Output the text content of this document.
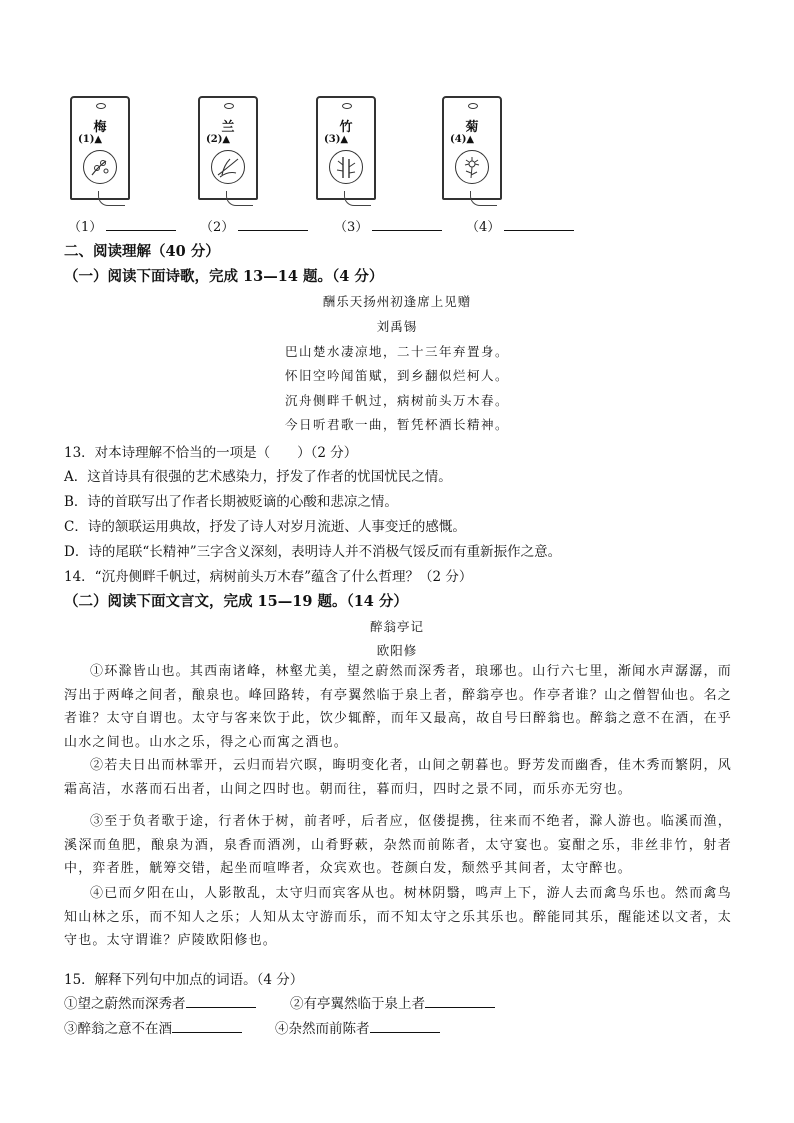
梅
(1)▲
兰
(2)▲
竹
(3)▲
菊
(4)▲
（1）	（2）	（3）	（4）
二、阅读理解（40 分）
（一）阅读下面诗歌，完成 13—14 题。（4 分）
酬乐天扬州初逢席上见赠
刘禹锡
巴山楚水凄凉地，二十三年弃置身。
怀旧空吟闻笛赋，到乡翻似烂柯人。
沉舟侧畔千帆过，病树前头万木春。
今日听君歌一曲，暂凭杯酒长精神。
13．对本诗理解不恰当的一项是（　　）（2 分）
A．这首诗具有很强的艺术感染力，抒发了作者的忧国忧民之情。
B．诗的首联写出了作者长期被贬谪的心酸和悲凉之情。
C．诗的颔联运用典故，抒发了诗人对岁月流逝、人事变迁的感慨。
D．诗的尾联“长精神”三字含义深刻，表明诗人并不消极气馁反而有重新振作之意。
14．“沉舟侧畔千帆过，病树前头万木春”蕴含了什么哲理？（2 分）
（二）阅读下面文言文，完成 15—19 题。（14 分）
醉翁亭记
欧阳修
①环滁皆山也。其西南诸峰，林壑尤美，望之蔚然而深秀者，琅琊也。山行六七里，渐闻水声潺潺，而泻出于两峰之间者，酿泉也。峰回路转，有亭翼然临于泉上者，醉翁亭也。作亭者谁？山之僧智仙也。名之者谁？太守自谓也。太守与客来饮于此，饮少辄醉，而年又最高，故自号曰醉翁也。醉翁之意不在酒，在乎山水之间也。山水之乐，得之心而寓之酒也。
②若夫日出而林霏开，云归而岩穴暝，晦明变化者，山间之朝暮也。野芳发而幽香，佳木秀而繁阴，风霜高洁，水落而石出者，山间之四时也。朝而往，暮而归，四时之景不同，而乐亦无穷也。
③至于负者歌于途，行者休于树，前者呼，后者应，伛偻提携，往来而不绝者，滁人游也。临溪而渔，溪深而鱼肥，酿泉为酒，泉香而酒冽，山肴野蔌，杂然而前陈者，太守宴也。宴酣之乐，非丝非竹，射者中，弈者胜，觥筹交错，起坐而喧哗者，众宾欢也。苍颜白发，颓然乎其间者，太守醉也。
④已而夕阳在山，人影散乱，太守归而宾客从也。树林阴翳，鸣声上下，游人去而禽鸟乐也。然而禽鸟知山林之乐，而不知人之乐；人知从太守游而乐，而不知太守之乐其乐也。醉能同其乐，醒能述以文者，太守也。太守谓谁？庐陵欧阳修也。
15．解释下列句中加点的词语。（4 分）
①望之蔚然而深秀者	②有亭翼然临于泉上者
③醉翁之意不在酒	④杂然而前陈者
